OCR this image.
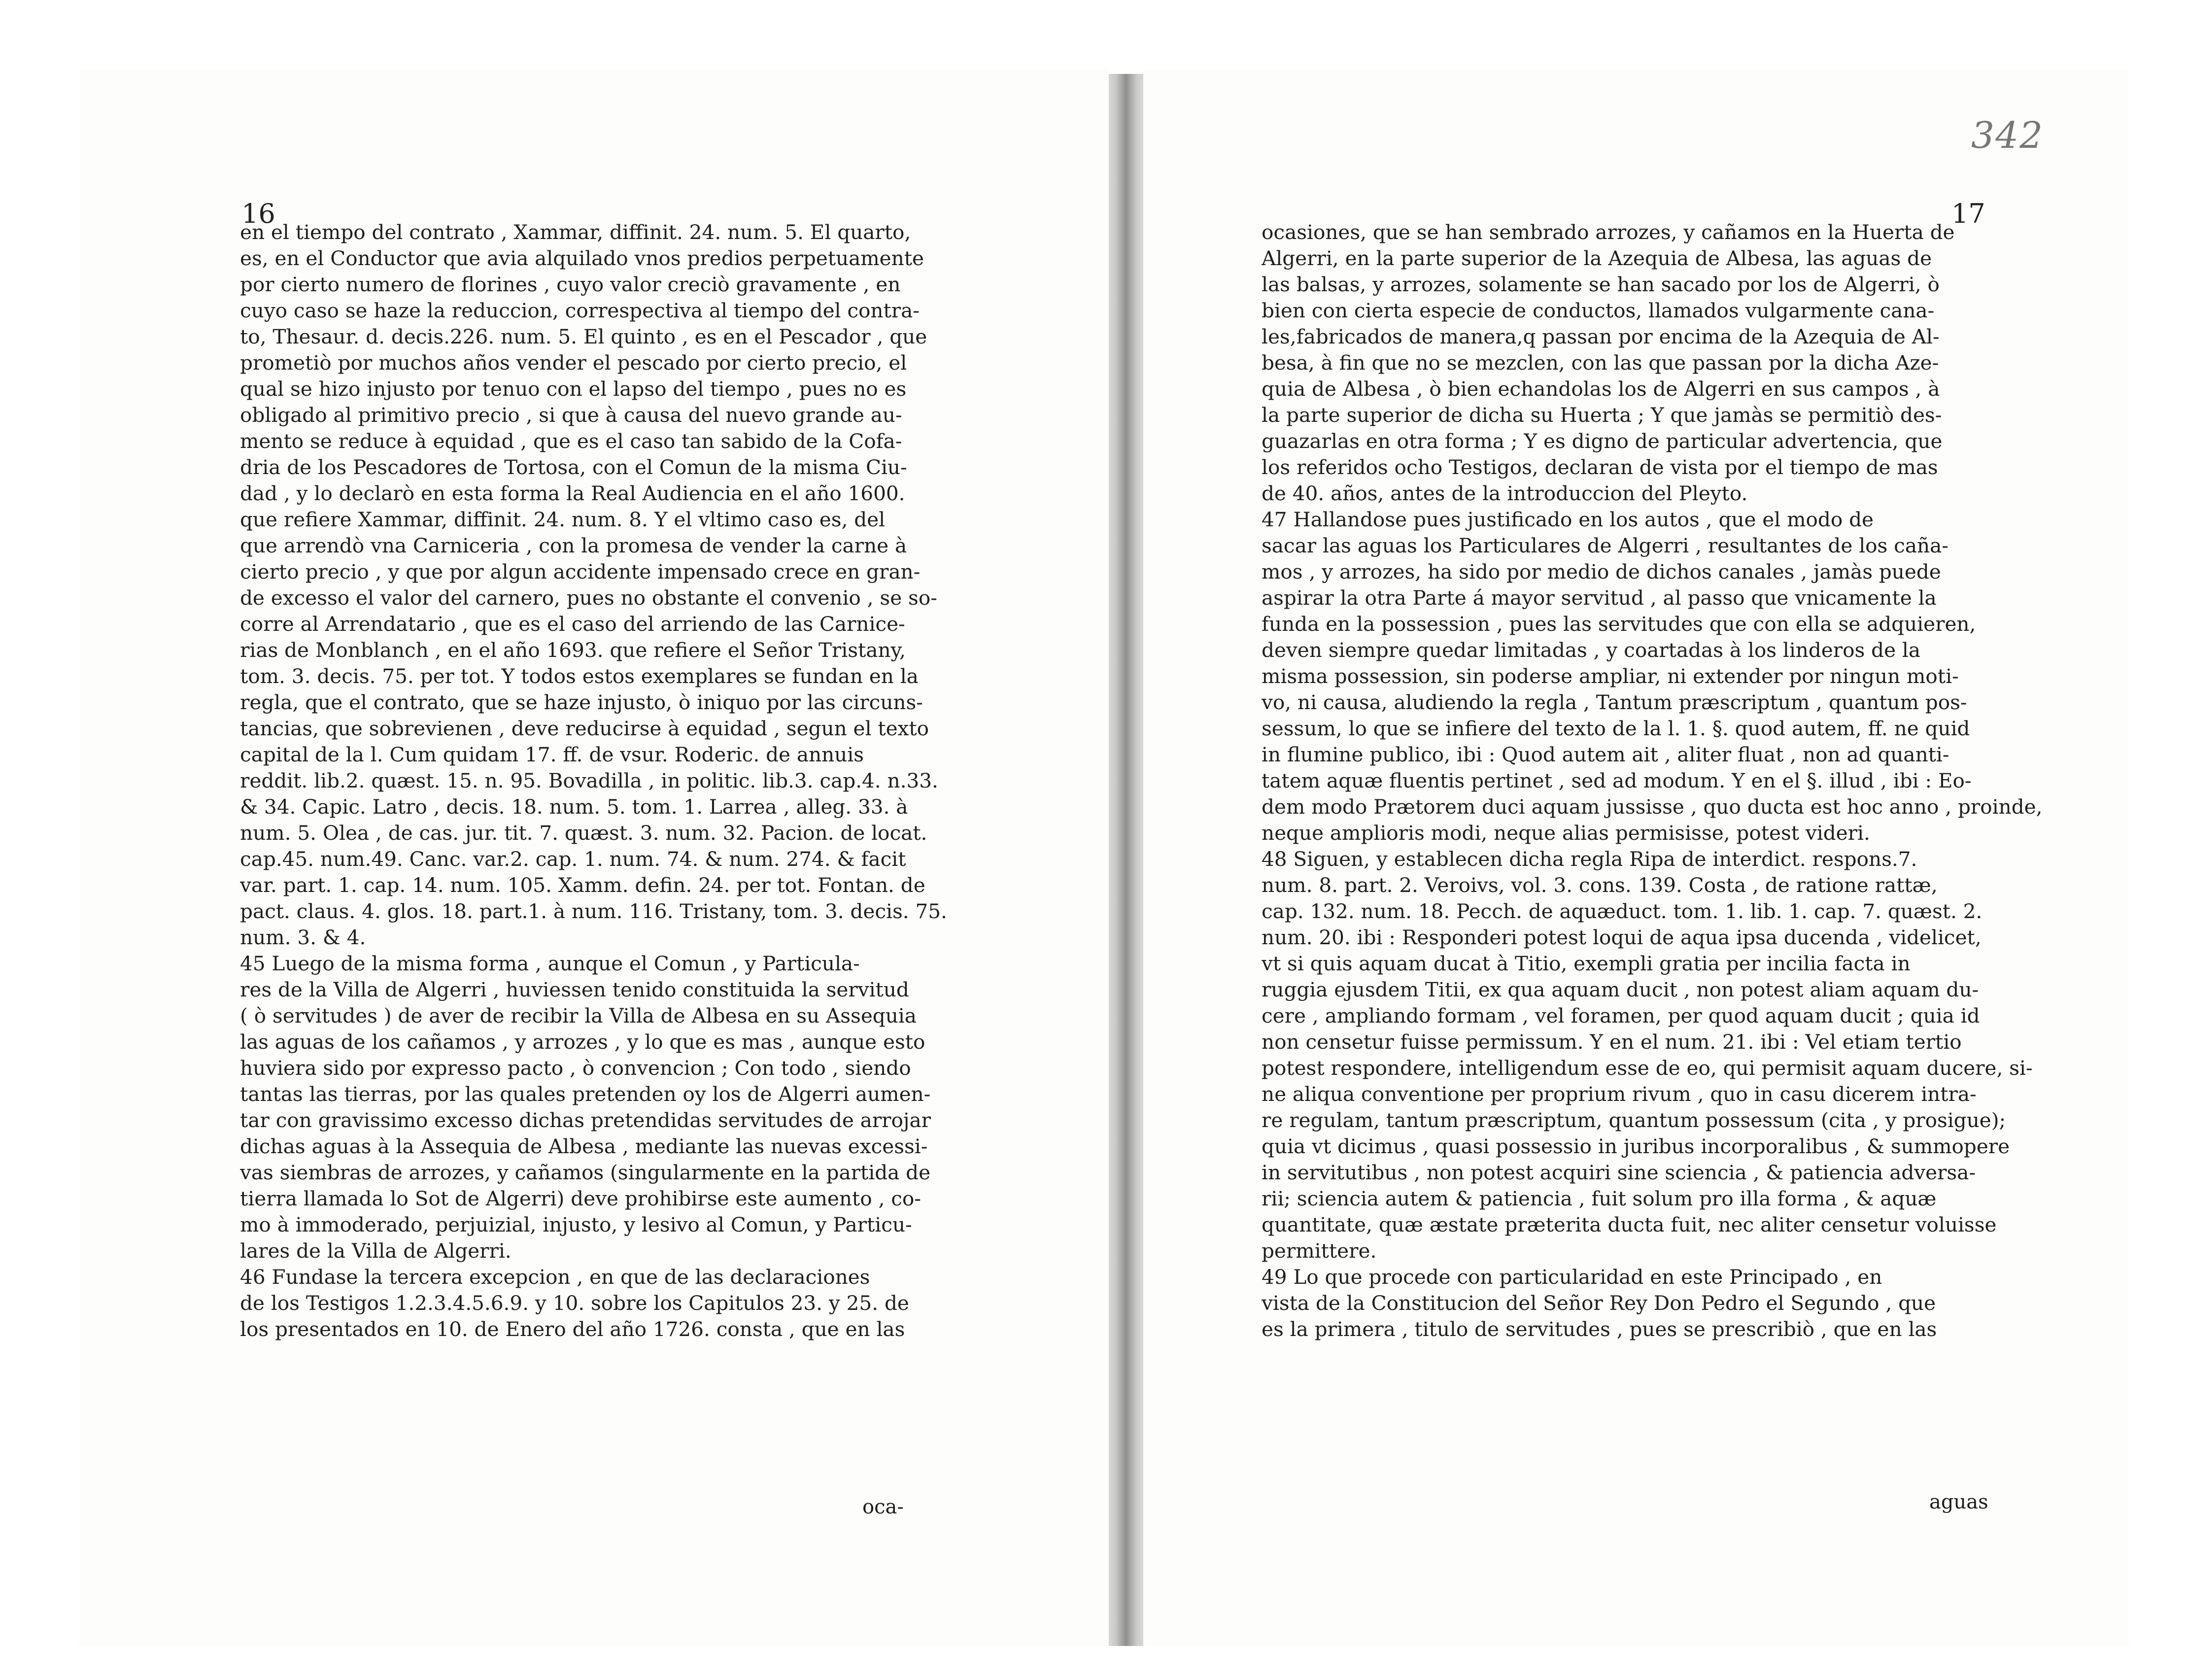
16
en el tiempo del contrato , Xammar, diffinit. 24. num. 5. El quarto,
es, en el Conductor que avia alquilado vnos predios perpetuamente
por cierto numero de florines , cuyo valor creciò gravamente , en
cuyo caso se haze la reduccion, correspectiva al tiempo del contra-
to, Thesaur. d. decis.226. num. 5. El quinto , es en el Pescador , que
prometiò por muchos años vender el pescado por cierto precio, el
qual se hizo injusto por tenuo con el lapso del tiempo , pues no es
obligado al primitivo precio , si que à causa del nuevo grande au-
mento se reduce à equidad , que es el caso tan sabido de la Cofa-
dria de los Pescadores de Tortosa, con el Comun de la misma Ciu-
dad , y lo declarò en esta forma la Real Audiencia en el año 1600.
que refiere Xammar, diffinit. 24. num. 8. Y el vltimo caso es, del
que arrendò vna Carniceria , con la promesa de vender la carne à
cierto precio , y que por algun accidente impensado crece en gran-
de excesso el valor del carnero, pues no obstante el convenio , se so-
corre al Arrendatario , que es el caso del arriendo de las Carnice-
rias de Monblanch , en el año 1693. que refiere el Señor Tristany,
tom. 3. decis. 75. per tot. Y todos estos exemplares se fundan en la
regla, que el contrato, que se haze injusto, ò iniquo por las circuns-
tancias, que sobrevienen , deve reducirse à equidad , segun el texto
capital de la l. Cum quidam 17. ff. de vsur. Roderic. de annuis
reddit. lib.2. quæst. 15. n. 95. Bovadilla , in politic. lib.3. cap.4. n.33.
& 34. Capic. Latro , decis. 18. num. 5. tom. 1. Larrea , alleg. 33. à
num. 5. Olea , de cas. jur. tit. 7. quæst. 3. num. 32. Pacion. de locat.
cap.45. num.49. Canc. var.2. cap. 1. num. 74. & num. 274. & facit
var. part. 1. cap. 14. num. 105. Xamm. defin. 24. per tot. Fontan. de
pact. claus. 4. glos. 18. part.1. à num. 116. Tristany, tom. 3. decis. 75.
num. 3. & 4.
45 Luego de la misma forma , aunque el Comun , y Particula-
res de la Villa de Algerri , huviessen tenido constituida la servitud
( ò servitudes ) de aver de recibir la Villa de Albesa en su Assequia
las aguas de los cañamos , y arrozes , y lo que es mas , aunque esto
huviera sido por expresso pacto , ò convencion ; Con todo , siendo
tantas las tierras, por las quales pretenden oy los de Algerri aumen-
tar con gravissimo excesso dichas pretendidas servitudes de arrojar
dichas aguas à la Assequia de Albesa , mediante las nuevas excessi-
vas siembras de arrozes, y cañamos (singularmente en la partida de
tierra llamada lo Sot de Algerri) deve prohibirse este aumento , co-
mo à immoderado, perjuizial, injusto, y lesivo al Comun, y Particu-
lares de la Villa de Algerri.
46 Fundase la tercera excepcion , en que de las declaraciones
de los Testigos 1.2.3.4.5.6.9. y 10. sobre los Capitulos 23. y 25. de
los presentados en 10. de Enero del año 1726. consta , que en las
oca-
342
17
ocasiones, que se han sembrado arrozes, y cañamos en la Huerta de
Algerri, en la parte superior de la Azequia de Albesa, las aguas de
las balsas, y arrozes, solamente se han sacado por los de Algerri, ò
bien con cierta especie de conductos, llamados vulgarmente cana-
les,fabricados de manera,q passan por encima de la Azequia de Al-
besa, à fin que no se mezclen, con las que passan por la dicha Aze-
quia de Albesa , ò bien echandolas los de Algerri en sus campos , à
la parte superior de dicha su Huerta ; Y que jamàs se permitiò des-
guazarlas en otra forma ; Y es digno de particular advertencia, que
los referidos ocho Testigos, declaran de vista por el tiempo de mas
de 40. años, antes de la introduccion del Pleyto.
47 Hallandose pues justificado en los autos , que el modo de
sacar las aguas los Particulares de Algerri , resultantes de los caña-
mos , y arrozes, ha sido por medio de dichos canales , jamàs puede
aspirar la otra Parte á mayor servitud , al passo que vnicamente la
funda en la possession , pues las servitudes que con ella se adquieren,
deven siempre quedar limitadas , y coartadas à los linderos de la
misma possession, sin poderse ampliar, ni extender por ningun moti-
vo, ni causa, aludiendo la regla , Tantum præscriptum , quantum pos-
sessum, lo que se infiere del texto de la l. 1. §. quod autem, ff. ne quid
in flumine publico, ibi : Quod autem ait , aliter fluat , non ad quanti-
tatem aquæ fluentis pertinet , sed ad modum. Y en el §. illud , ibi : Eo-
dem modo Prætorem duci aquam jussisse , quo ducta est hoc anno , proinde,
neque amplioris modi, neque alias permisisse, potest videri.
48 Siguen, y establecen dicha regla Ripa de interdict. respons.7.
num. 8. part. 2. Veroivs, vol. 3. cons. 139. Costa , de ratione rattæ,
cap. 132. num. 18. Pecch. de aquæduct. tom. 1. lib. 1. cap. 7. quæst. 2.
num. 20. ibi : Responderi potest loqui de aqua ipsa ducenda , videlicet,
vt si quis aquam ducat à Titio, exempli gratia per incilia facta in
ruggia ejusdem Titii, ex qua aquam ducit , non potest aliam aquam du-
cere , ampliando formam , vel foramen, per quod aquam ducit ; quia id
non censetur fuisse permissum. Y en el num. 21. ibi : Vel etiam tertio
potest respondere, intelligendum esse de eo, qui permisit aquam ducere, si-
ne aliqua conventione per proprium rivum , quo in casu dicerem intra-
re regulam, tantum præscriptum, quantum possessum (cita , y prosigue);
quia vt dicimus , quasi possessio in juribus incorporalibus , & summopere
in servitutibus , non potest acquiri sine sciencia , & patiencia adversa-
rii; sciencia autem & patiencia , fuit solum pro illa forma , & aquæ
quantitate, quæ æstate præterita ducta fuit, nec aliter censetur voluisse
permittere.
49 Lo que procede con particularidad en este Principado , en
vista de la Constitucion del Señor Rey Don Pedro el Segundo , que
es la primera , titulo de servitudes , pues se prescribiò , que en las
aguas
